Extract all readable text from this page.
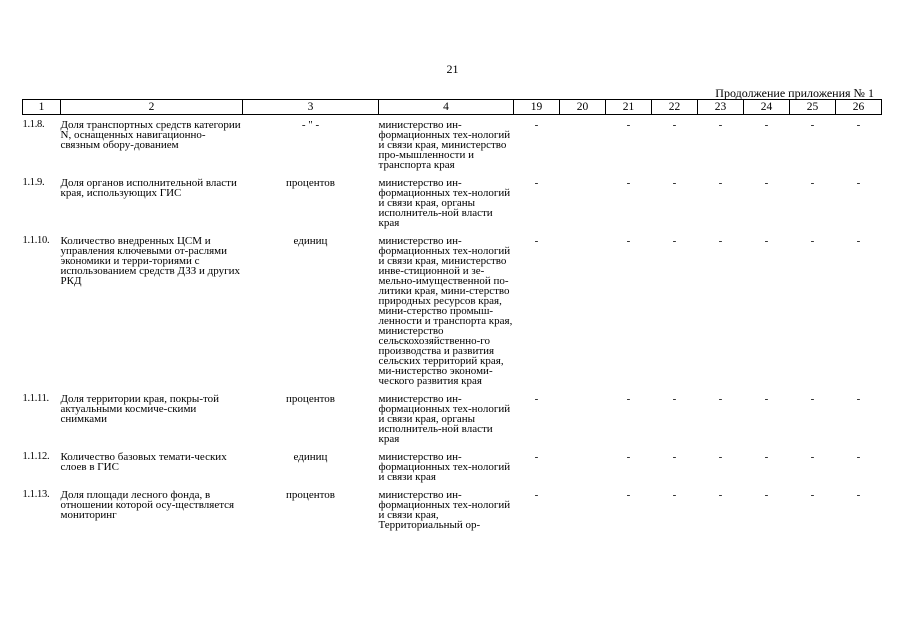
21
Продолжение приложения № 1
1	2	3	4	19	20	21	22	23	24	25	26

1.1.8.	Доля транспортных средств категории N, оснащенных навигационно-связным обору-дованием	- " -	министерство ин-формационных тех-нологий и связи края, министерство про-мышленности и транспорта края	-		-	-	-	-	-	-
1.1.9.	Доля органов исполнительной власти края, использующих ГИС	процентов	министерство ин-формационных тех-нологий и связи края, органы исполнитель-ной власти края	-		-	-	-	-	-	-
1.1.10.	Количество внедренных ЦСМ и управления ключевыми от-раслями экономики и терри-ториями с использованием средств ДЗЗ и других РКД	единиц	министерство ин-формационных тех-нологий и связи края, министерство инве-стиционной и зе-мельно-имущественной по-литики края, мини-стерство природных ресурсов края, мини-стерство промыш-ленности и транспорта края, министерство сельскохозяйственно-го производства и развития сельских территорий края, ми-нистерство экономи-ческого развития края	-		-	-	-	-	-	-
1.1.11.	Доля территории края, покры-той актуальными космиче-скими снимками	процентов	министерство ин-формационных тех-нологий и связи края, органы исполнитель-ной власти края	-		-	-	-	-	-	-
1.1.12.	Количество базовых темати-ческих слоев в ГИС	единиц	министерство ин-формационных тех-нологий и связи края	-		-	-	-	-	-	-
1.1.13.	Доля площади лесного фонда, в отношении которой осу-ществляется мониторинг	процентов	министерство ин-формационных тех-нологий и связи края, Территориальный ор-	-		-	-	-	-	-	-
